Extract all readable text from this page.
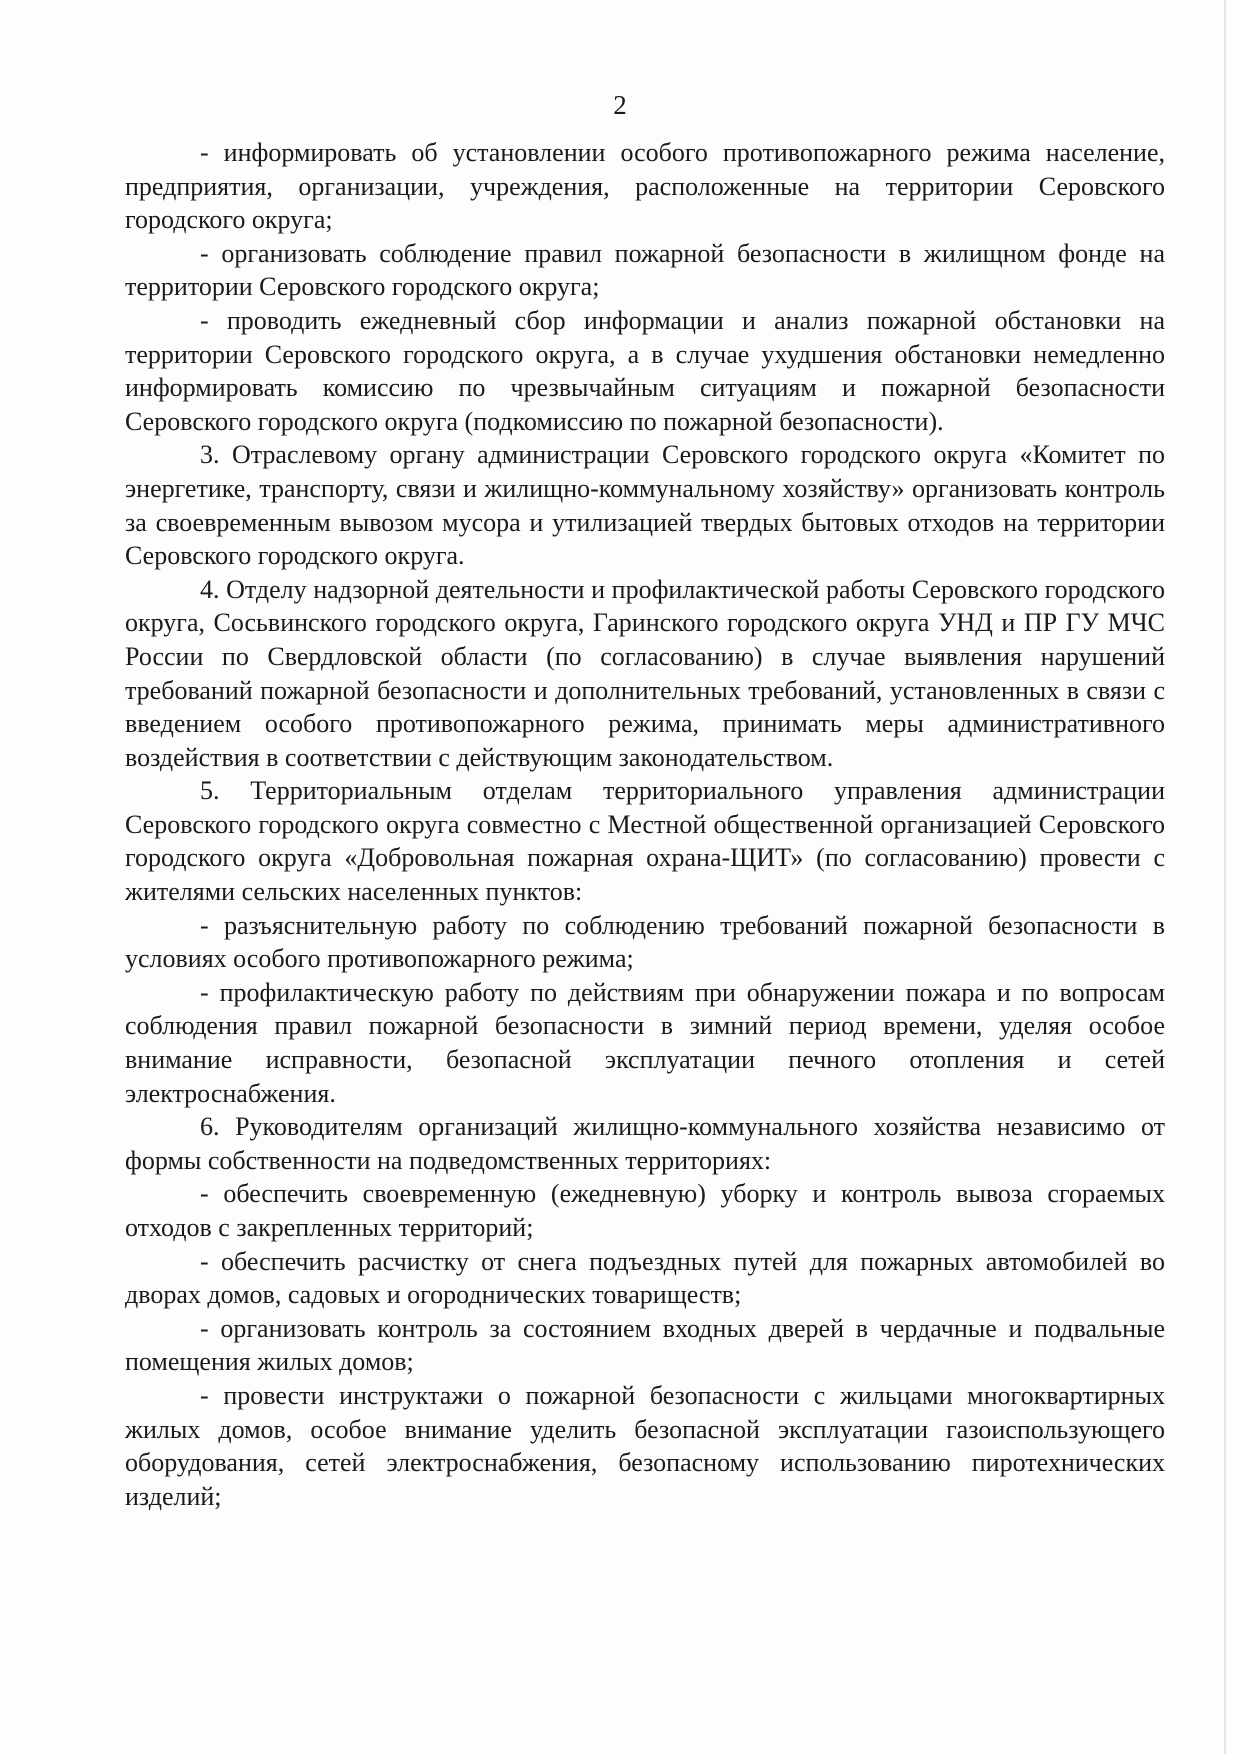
2

- информировать об установлении особого противопожарного режима население, предприятия, организации, учреждения, расположенные на территории Серовского городского округа;

- организовать соблюдение правил пожарной безопасности в жилищном фонде на территории Серовского городского округа;

- проводить ежедневный сбор информации и анализ пожарной обстановки на территории Серовского городского округа, а в случае ухудшения обстановки немедленно информировать комиссию по чрезвычайным ситуациям и пожарной безопасности Серовского городского округа (подкомиссию по пожарной безопасности).

3. Отраслевому органу администрации Серовского городского округа «Комитет по энергетике, транспорту, связи и жилищно-коммунальному хозяйству» организовать контроль за своевременным вывозом мусора и утилизацией твердых бытовых отходов на территории Серовского городского округа.

4. Отделу надзорной деятельности и профилактической работы Серовского городского округа, Сосьвинского городского округа, Гаринского городского округа УНД и ПР ГУ МЧС России по Свердловской области (по согласованию) в случае выявления нарушений требований пожарной безопасности и дополнительных требований, установленных в связи с введением особого противопожарного режима, принимать меры административного воздействия в соответствии с действующим законодательством.

5. Территориальным отделам территориального управления администрации Серовского городского округа совместно с Местной общественной организацией Серовского городского округа «Добровольная пожарная охрана-ЩИТ» (по согласованию) провести с жителями сельских населенных пунктов:

- разъяснительную работу по соблюдению требований пожарной безопасности в условиях особого противопожарного режима;

- профилактическую работу по действиям при обнаружении пожара и по вопросам соблюдения правил пожарной безопасности в зимний период времени, уделяя особое внимание исправности, безопасной эксплуатации печного отопления и сетей электроснабжения.

6. Руководителям организаций жилищно-коммунального хозяйства независимо от формы собственности на подведомственных территориях:

- обеспечить своевременную (ежедневную) уборку и контроль вывоза сгораемых отходов с закрепленных территорий;

- обеспечить расчистку от снега подъездных путей для пожарных автомобилей во дворах домов, садовых и огороднических товариществ;

- организовать контроль за состоянием входных дверей в чердачные и подвальные помещения жилых домов;

- провести инструктажи о пожарной безопасности с жильцами многоквартирных жилых домов, особое внимание уделить безопасной эксплуатации газоиспользующего оборудования, сетей электроснабжения, безопасному использованию пиротехнических изделий;
